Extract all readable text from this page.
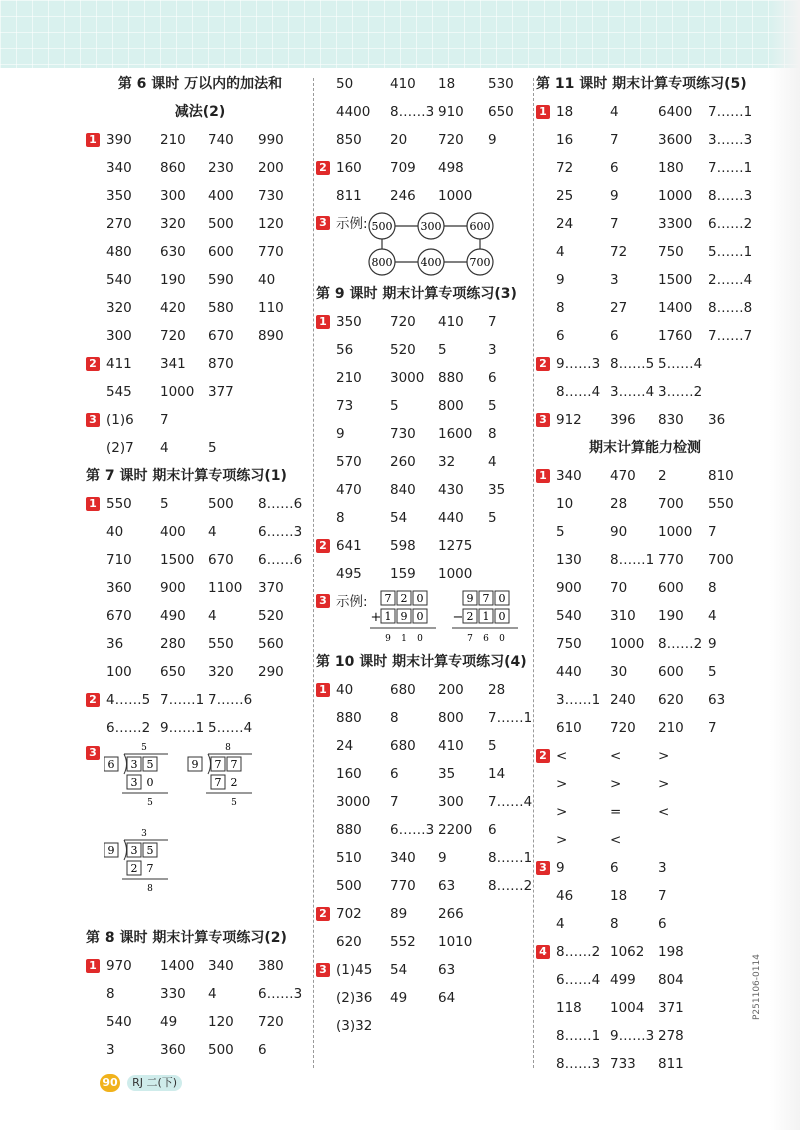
第 6 课时 万以内的加法和
减法(2)
1 390 210 740 990
340 860 230 200
350 300 400 730
270 320 500 120
480 630 600 770
540 190 590 40
320 420 580 110
300 720 670 890
2 411 341 870
545 1000 377
3 (1)6 7
(2)7 4	5
第 7 课时 期末计算专项练习(1)
1 550 5	500 8……6
40	400 4	6……3
710 1500 670 6……6
360 900 1100 370
670 490 4	520
36	280 550 560
100 650 320 290
2 4……5 7……1 7……6
6……2 9……1 5……4
3	5
6 3 5
3 0
5
8
9 7 7
7 2
5
3
9 3 5
2 7
8
第 8 课时 期末计算专项练习(2)
1 970 1400 340 380
8	330 4	6……3
540 49 120 720
3	360 500 6
50	410 18 530
4400 8……3 910 650
850 20 720 9
2 160 709 498
811 246 1000
3 示例: 500	300	600
800	400	700
第 9 课时 期末计算专项练习(3)
1 350 720 410 7
56	520 5	3
210 3000 880 6
73	5	800 5
9	730 1600 8
570 260 32 4
470 840 430 35
8	54 440 5
2 641 598 1275
495 159 1000
3 示例: 7 2 0
+ 1 9 0
9 1 0
9 7 0
− 2 1 0
7 6 0
第 10 课时 期末计算专项练习(4)
1 40	680 200 28
880 8	800 7……1
24	680 410 5
160 6	35 14
3000 7	300 7……4
880 6……3 2200 6
510 340 9	8……1
500 770 63 8……2
2 702 89 266
620 552 1010
3 (1)45 54 63
(2)36 49 64
(3)32
第 11 课时 期末计算专项练习(5)
1 18	4	6400 7……1
16	7	3600 3……3
72	6	180 7……1
25	9	1000 8……3
24	7	3300 6……2
4	72 750 5……1
9	3	1500 2……4
8	27 1400 8……8
6	6	1760 7……7
2 9……3 8……5 5……4
8……4 3……4 3……2
3 912 396 830 36
期末计算能力检测
1 340 470 2	810
10	28 700 550
5	90 1000 7
130 8……1 770 700
900 70 600 8
540 310 190 4
750 1000 8……2 9
440 30 600 5
3……1 240 620 63
610 720 210 7
2 <	<	>
>	>	>
>	=	<
>	<
3 9	6	3
46	18 7
4	8	6
4 8……2 1062 198
6……4 499 804
118 1004 371
8……1 9……3 278
8……3 733 811
90 RJ 二(下)
P251106-0114
